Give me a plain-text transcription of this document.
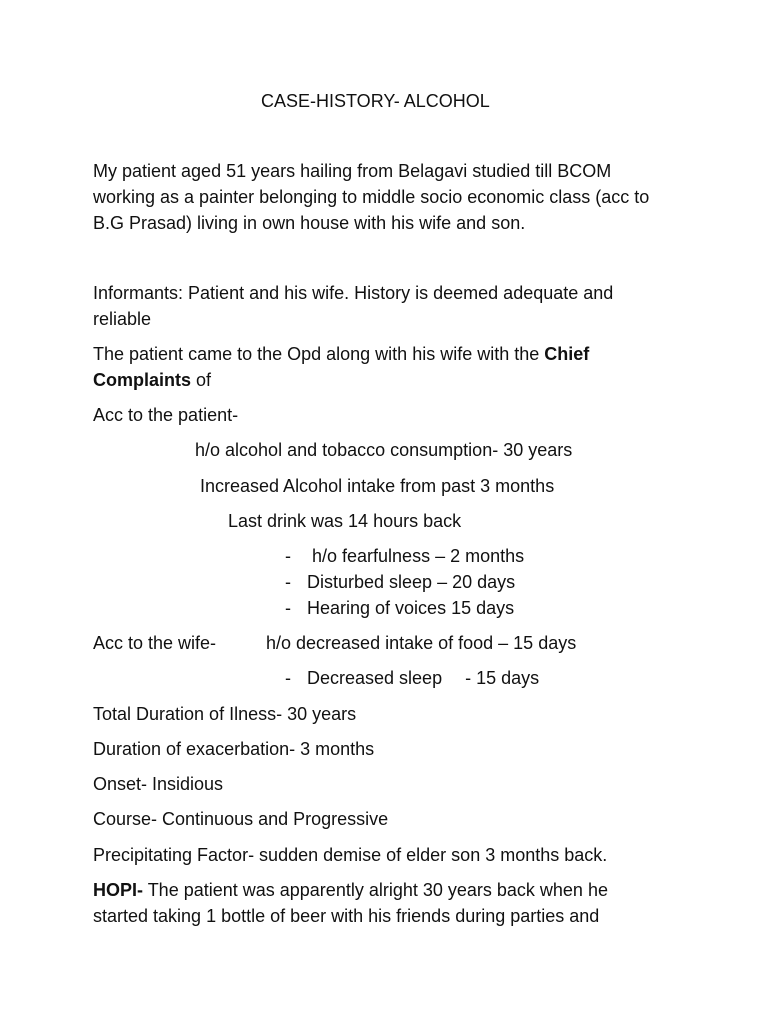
CASE-HISTORY- ALCOHOL
My patient aged 51 years hailing from Belagavi studied till BCOM
working as a painter belonging to middle socio economic class (acc to
B.G Prasad) living in own house with his wife and son.
Informants: Patient and his wife. History is deemed adequate and
reliable
The patient came to the Opd along with his wife with the Chief
Complaints of
Acc to the patient-
h/o alcohol and tobacco consumption- 30 years
Increased Alcohol intake from past 3 months
Last drink was 14 hours back
- h/o fearfulness – 2 months
- Disturbed sleep – 20 days
- Hearing of voices 15 days
Acc to the wife-	h/o decreased intake of food – 15 days
- Decreased sleep - 15 days
Total Duration of Ilness- 30 years
Duration of exacerbation- 3 months
Onset- Insidious
Course- Continuous and Progressive
Precipitating Factor- sudden demise of elder son 3 months back.
HOPI- The patient was apparently alright 30 years back when he
started taking 1 bottle of beer with his friends during parties and
